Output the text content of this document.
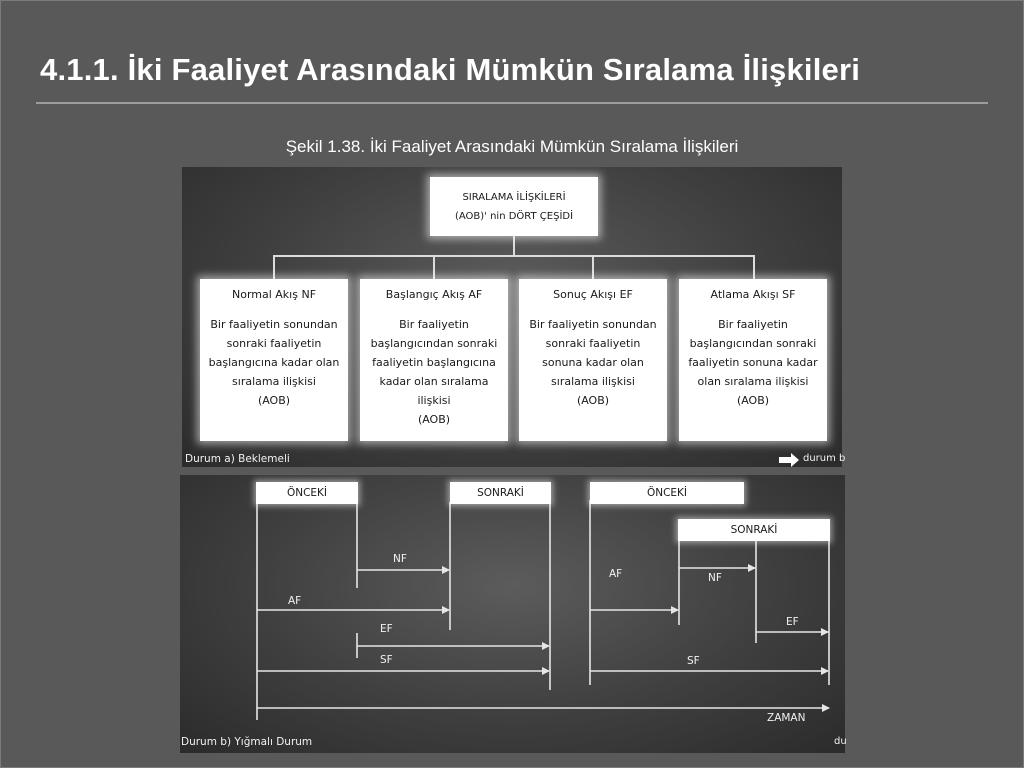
4.1.1. İki Faaliyet Arasındaki Mümkün Sıralama İlişkileri
Şekil 1.38. İki Faaliyet Arasındaki Mümkün Sıralama İlişkileri
SIRALAMA İLİŞKİLERİ
(AOB)' nin DÖRT ÇEŞİDİ
Normal Akış NF
Bir faaliyetin sonundan
sonraki faaliyetin
başlangıcına kadar olan
sıralama ilişkisi
(AOB)
Başlangıç Akış AF
Bir faaliyetin
başlangıcından sonraki
faaliyetin başlangıcına
kadar olan sıralama
ilişkisi
(AOB)
Sonuç Akışı EF
Bir faaliyetin sonundan
sonraki faaliyetin
sonuna kadar olan
sıralama ilişkisi
(AOB)
Atlama Akışı SF
Bir faaliyetin
başlangıcından sonraki
faaliyetin sonuna kadar
olan sıralama ilişkisi
(AOB)
Durum a) Beklemeli	durum b
ÖNCEKİ	SONRAKİ
NF
AF
EF
SF
ÖNCEKİ
SONRAKİ
AF	NF
EF
SF
ZAMAN
Durum b) Yığmalı Durum	du
